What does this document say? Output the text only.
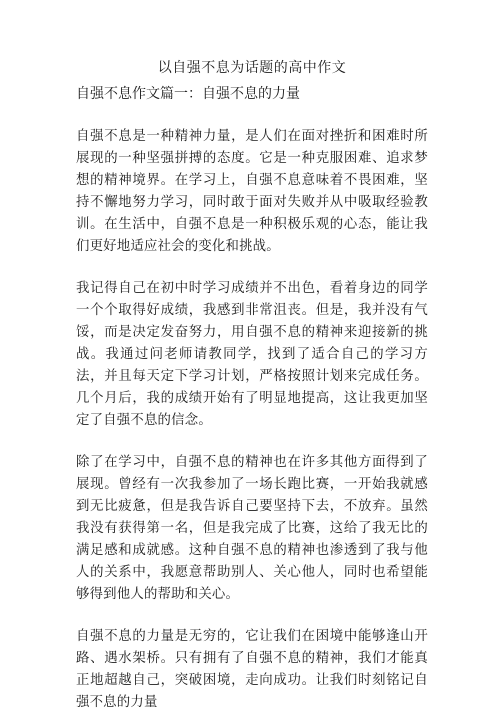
以自强不息为话题的高中作文
自强不息作文篇一：自强不息的力量

自强不息是一种精神力量，是人们在面对挫折和困难时所展现的一种坚强拼搏的态度。它是一种克服困难、追求梦想的精神境界。在学习上，自强不息意味着不畏困难，坚持不懈地努力学习，同时敢于面对失败并从中吸取经验教训。在生活中，自强不息是一种积极乐观的心态，能让我们更好地适应社会的变化和挑战。

我记得自己在初中时学习成绩并不出色，看着身边的同学一个个取得好成绩，我感到非常沮丧。但是，我并没有气馁，而是决定发奋努力，用自强不息的精神来迎接新的挑战。我通过问老师请教同学，找到了适合自己的学习方法，并且每天定下学习计划，严格按照计划来完成任务。几个月后，我的成绩开始有了明显地提高，这让我更加坚定了自强不息的信念。

除了在学习中，自强不息的精神也在许多其他方面得到了展现。曾经有一次我参加了一场长跑比赛，一开始我就感到无比疲惫，但是我告诉自己要坚持下去，不放弃。虽然我没有获得第一名，但是我完成了比赛，这给了我无比的满足感和成就感。这种自强不息的精神也渗透到了我与他人的关系中，我愿意帮助别人、关心他人，同时也希望能够得到他人的帮助和关心。

自强不息的力量是无穷的，它让我们在困境中能够逢山开路、遇水架桥。只有拥有了自强不息的精神，我们才能真正地超越自己，突破困境，走向成功。让我们时刻铭记自强不息的力量
